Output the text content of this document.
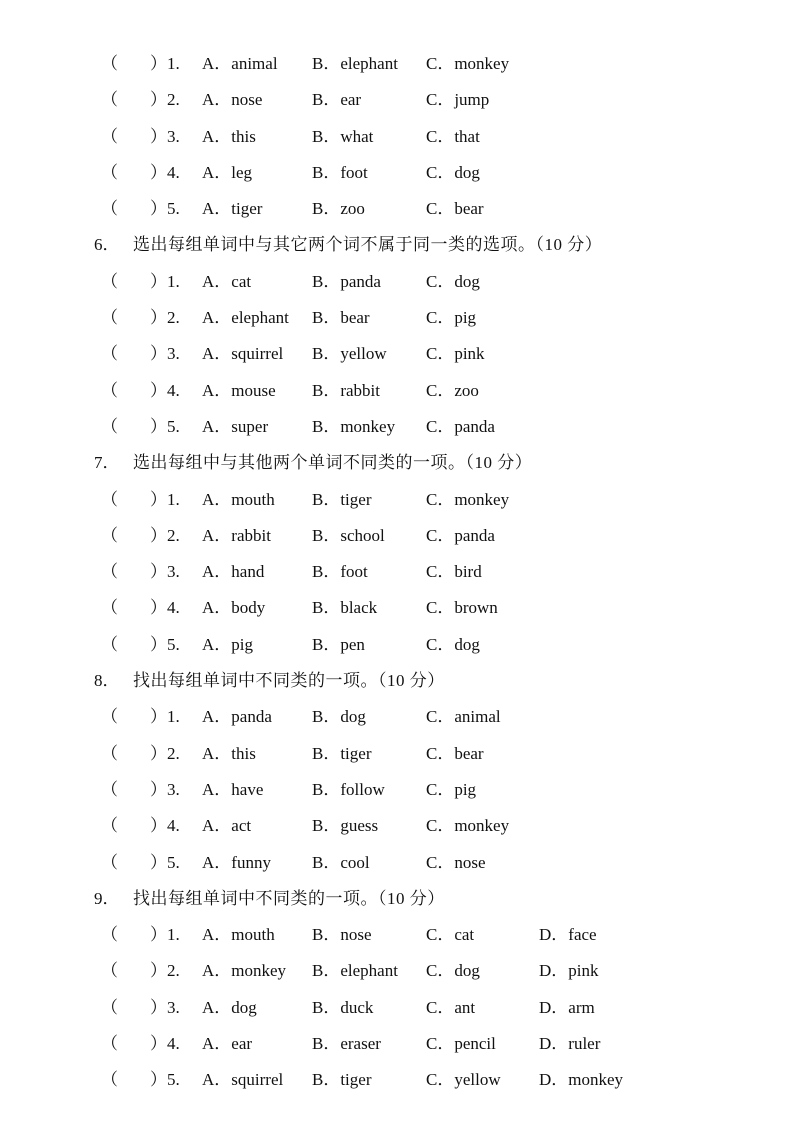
（ ）1. A．animal B．elephant C．monkey
（ ）2. A．nose	B．ear	C．jump
（ ）3. A．this	B．what	C．that
（ ）4. A．leg	B．foot	C．dog
（ ）5. A．tiger	B．zoo	C．bear
6． 选出每组单词中与其它两个词不属于同一类的选项。（10 分）
（ ）1. A．cat	B．panda	C．dog
（ ）2. A．elephant B．bear	C．pig
（ ）3. A．squirrel B．yellow C．pink
（ ）4. A．mouse B．rabbit	C．zoo
（ ）5. A．super	B．monkey C．panda
7． 选出每组中与其他两个单词不同类的一项。（10 分）
（ ）1. A．mouth B．tiger	C．monkey
（ ）2. A．rabbit B．school C．panda
（ ）3. A．hand	B．foot	C．bird
（ ）4. A．body	B．black	C．brown
（ ）5. A．pig	B．pen	C．dog
8． 找出每组单词中不同类的一项。（10 分）
（ ）1. A．panda B．dog	C．animal
（ ）2. A．this	B．tiger	C．bear
（ ）3. A．have	B．follow C．pig
（ ）4. A．act	B．guess	C．monkey
（ ）5. A．funny B．cool	C．nose
9． 找出每组单词中不同类的一项。（10 分）
（ ）1. A．mouth B．nose	C．cat	D．face
（ ）2. A．monkey B．elephant C．dog	D．pink
（ ）3. A．dog	B．duck	C．ant	D．arm
（ ）4. A．ear	B．eraser	C．pencil	D．ruler
（ ）5. A．squirrel B．tiger	C．yellow D．monkey
